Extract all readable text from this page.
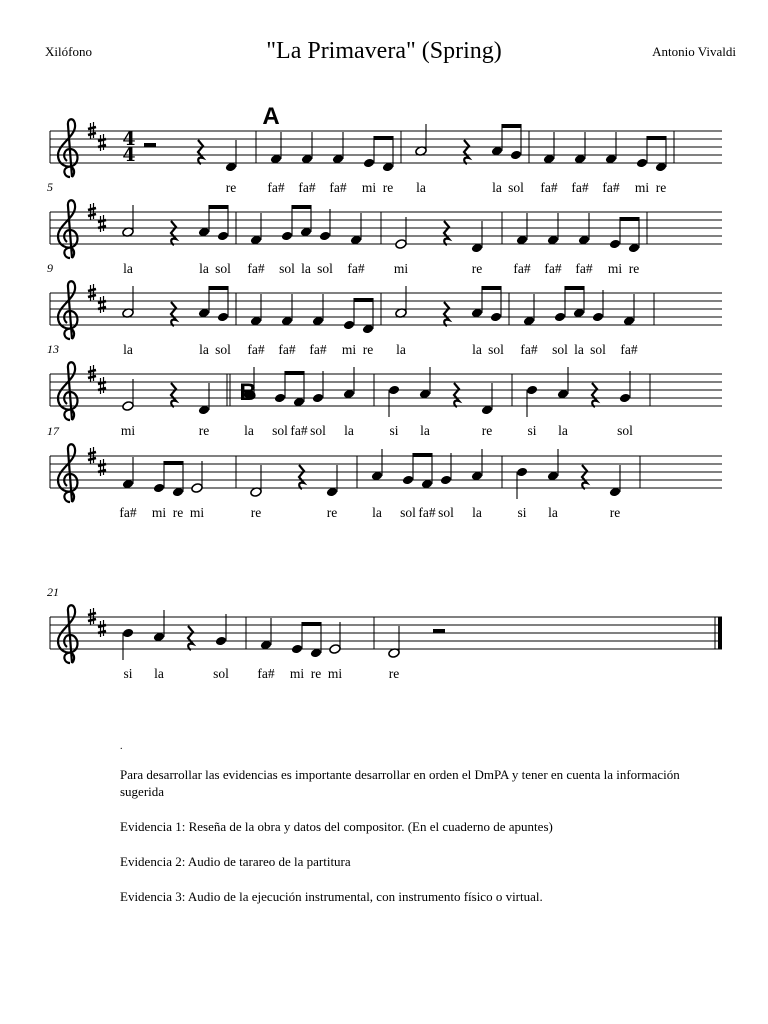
Xilófono	"La Primavera" (Spring)	Antonio Vivaldi
4
4
re fa# fa# fa# mi re la	la sol fa# fa# fa# mi re
5
la	la sol fa# sol la sol fa# mi	re fa# fa# fa# mi re
9
la	la sol fa# fa# fa# mi re la	la sol fa# sol la sol fa#
13
mi	re	la sol fa# sol la	si la	re	si la	sol
17
fa# mi re mi	re	re	la sol fa# sol la	si la	re
21
si la	sol fa# mi re mi	re
A
B
.

Para desarrollar las evidencias es importante desarrollar en orden el DmPA y tener en cuenta la información sugerida

Evidencia 1: Reseña de la obra y datos del compositor. (En el cuaderno de apuntes)

Evidencia 2: Audio de tarareo de la partitura

Evidencia 3: Audio de la ejecución instrumental, con instrumento físico o virtual.
